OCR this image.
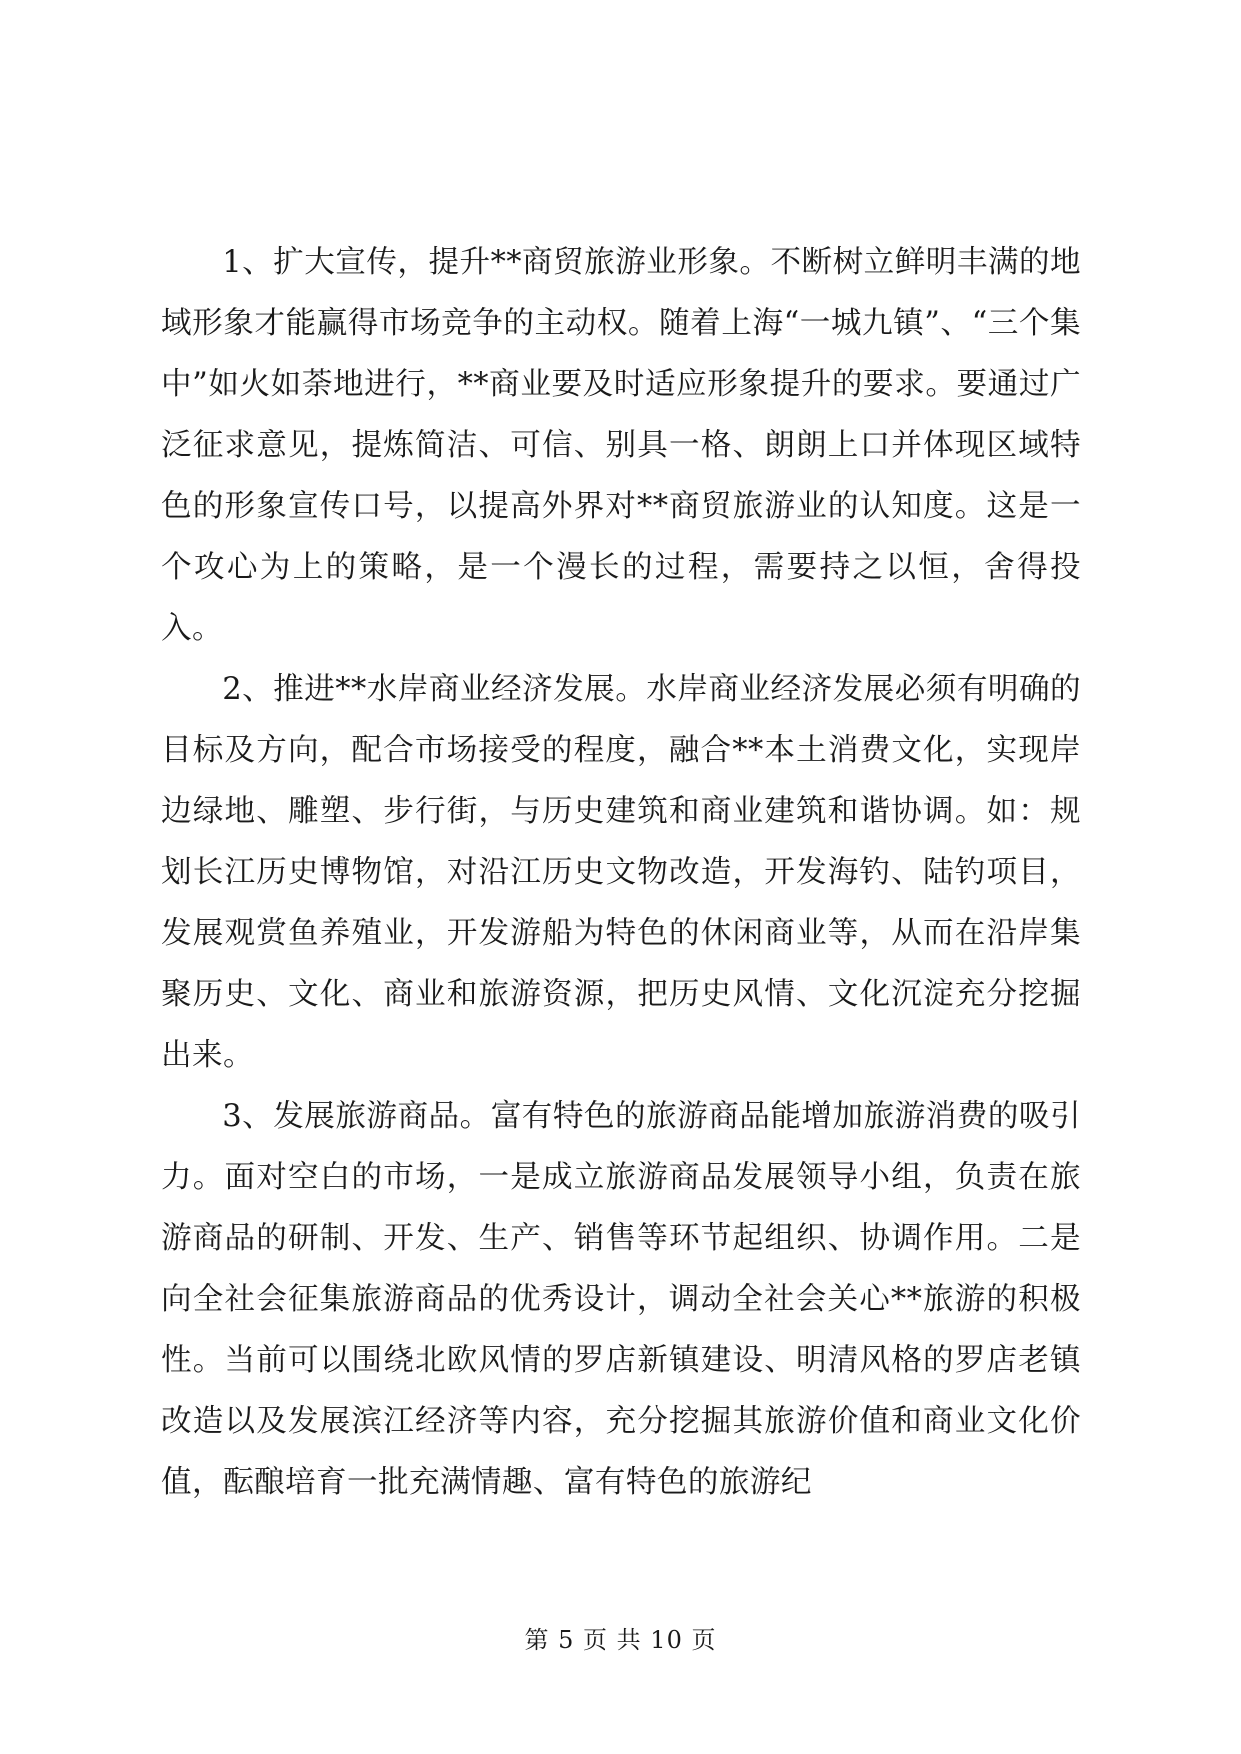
1、扩大宣传，提升**商贸旅游业形象。不断树立鲜明丰满的地域形象才能赢得市场竞争的主动权。随着上海“一城九镇”、“三个集中”如火如荼地进行，**商业要及时适应形象提升的要求。要通过广泛征求意见，提炼简洁、可信、别具一格、朗朗上口并体现区域特色的形象宣传口号，以提高外界对**商贸旅游业的认知度。这是一个攻心为上的策略，是一个漫长的过程，需要持之以恒，舍得投入。

2、推进**水岸商业经济发展。水岸商业经济发展必须有明确的目标及方向，配合市场接受的程度，融合**本土消费文化，实现岸边绿地、雕塑、步行街，与历史建筑和商业建筑和谐协调。如：规划长江历史博物馆，对沿江历史文物改造，开发海钓、陆钓项目，发展观赏鱼养殖业，开发游船为特色的休闲商业等，从而在沿岸集聚历史、文化、商业和旅游资源，把历史风情、文化沉淀充分挖掘出来。

3、发展旅游商品。富有特色的旅游商品能增加旅游消费的吸引力。面对空白的市场，一是成立旅游商品发展领导小组，负责在旅游商品的研制、开发、生产、销售等环节起组织、协调作用。二是向全社会征集旅游商品的优秀设计，调动全社会关心**旅游的积极性。当前可以围绕北欧风情的罗店新镇建设、明清风格的罗店老镇改造以及发展滨江经济等内容，充分挖掘其旅游价值和商业文化价值，酝酿培育一批充满情趣、富有特色的旅游纪

第 5 页 共 10 页
